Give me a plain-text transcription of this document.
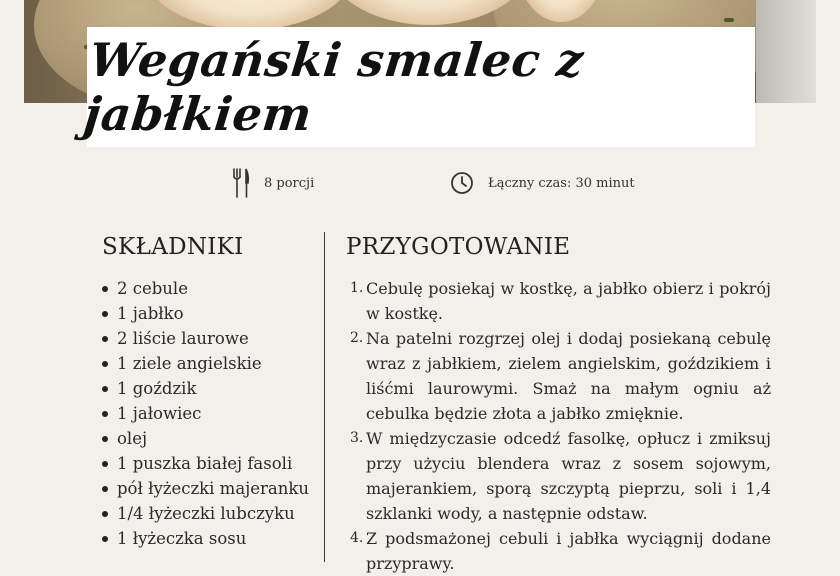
Wegański smalec z jabłkiem
8 porcji	Łączny czas: 30 minut
SKŁADNIKI
2 cebule
1 jabłko
2 liście laurowe
1 ziele angielskie
1 goździk
1 jałowiec
olej
1 puszka białej fasoli
pół łyżeczki majeranku
1/4 łyżeczki lubczyku
1 łyżeczka sosu
PRZYGOTOWANIE
1. Cebulę posiekaj w kostkę, a jabłko obierz i pokrój w kostkę.
2. Na patelni rozgrzej olej i dodaj posiekaną cebulę wraz z jabłkiem, zielem angielskim, goździkiem i liśćmi laurowymi. Smaż na małym ogniu aż cebulka będzie złota a jabłko zmięknie.
3. W międzyczasie odcedź fasolkę, opłucz i zmiksuj przy użyciu blendera wraz z sosem sojowym, majerankiem, sporą szczyptą pieprzu, soli i 1,4 szklanki wody, a następnie odstaw.
4. Z podsmażonej cebuli i jabłka wyciągnij dodane przyprawy.
